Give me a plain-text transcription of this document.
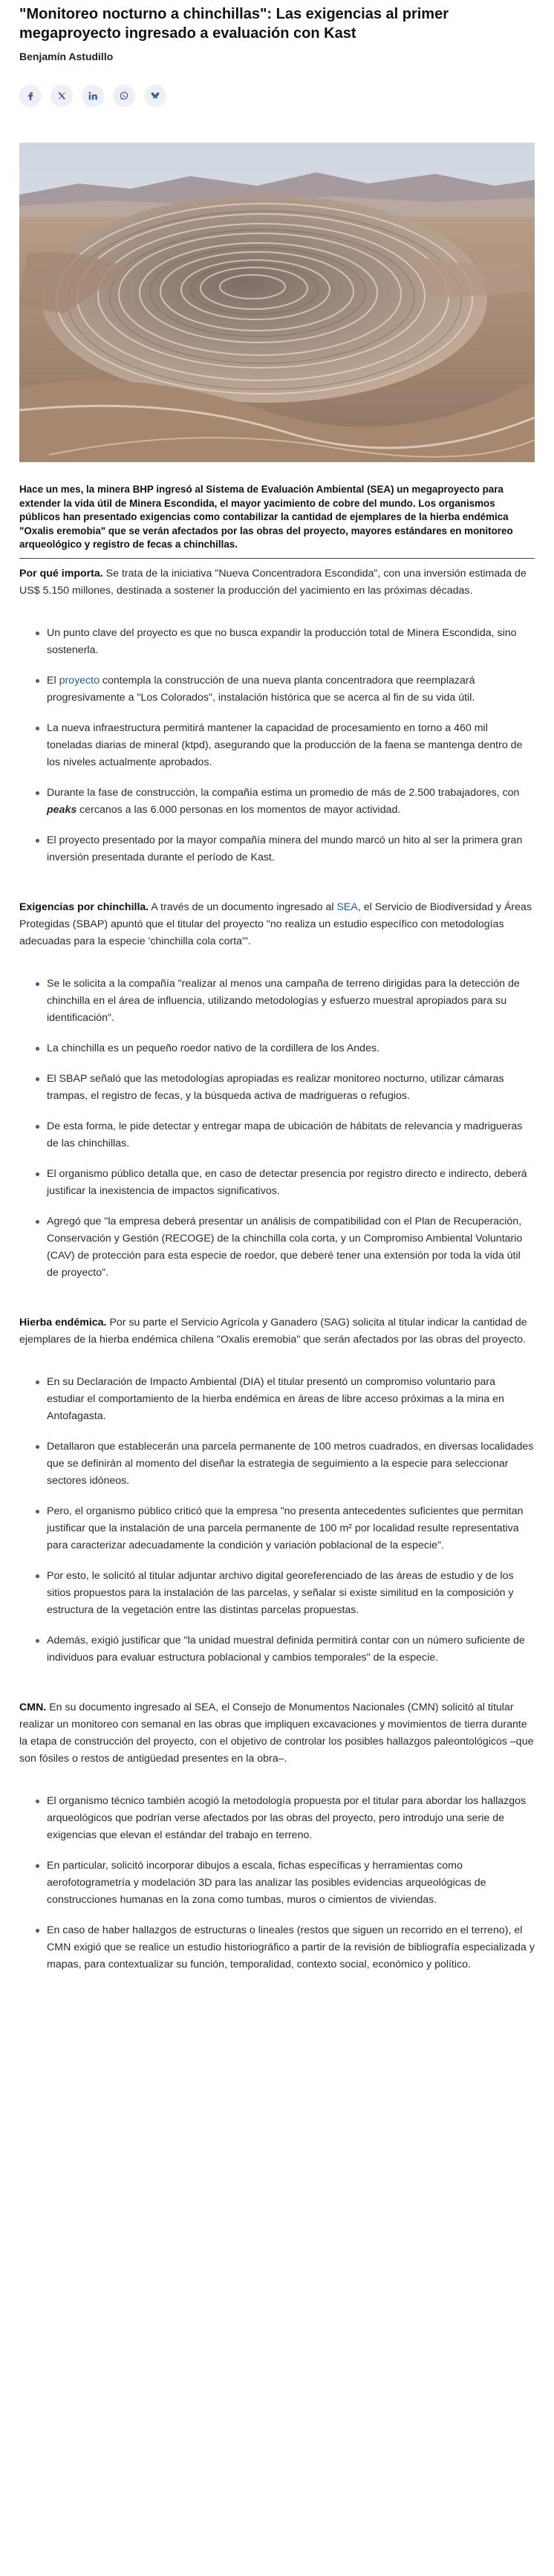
"Monitoreo nocturno a chinchillas": Las exigencias al primer megaproyecto ingresado a evaluación con Kast
Benjamín Astudillo

Hace un mes, la minera BHP ingresó al Sistema de Evaluación Ambiental (SEA) un megaproyecto para extender la vida útil de Minera Escondida, el mayor yacimiento de cobre del mundo. Los organismos públicos han presentado exigencias como contabilizar la cantidad de ejemplares de la hierba endémica "Oxalis eremobia" que se verán afectados por las obras del proyecto, mayores estándares en monitoreo arqueológico y registro de fecas a chinchillas.

Por qué importa. Se trata de la iniciativa "Nueva Concentradora Escondida", con una inversión estimada de US$ 5.150 millones, destinada a sostener la producción del yacimiento en las próximas décadas.

Un punto clave del proyecto es que no busca expandir la producción total de Minera Escondida, sino sostenerla.
El proyecto contempla la construcción de una nueva planta concentradora que reemplazará progresivamente a "Los Colorados", instalación histórica que se acerca al fin de su vida útil.
La nueva infraestructura permitirá mantener la capacidad de procesamiento en torno a 460 mil toneladas diarias de mineral (ktpd), asegurando que la producción de la faena se mantenga dentro de los niveles actualmente aprobados.
Durante la fase de construcción, la compañía estima un promedio de más de 2.500 trabajadores, con peaks cercanos a las 6.000 personas en los momentos de mayor actividad.
El proyecto presentado por la mayor compañía minera del mundo marcó un hito al ser la primera gran inversión presentada durante el período de Kast.

Exigencias por chinchilla. A través de un documento ingresado al SEA, el Servicio de Biodiversidad y Áreas Protegidas (SBAP) apuntó que el titular del proyecto "no realiza un estudio específico con metodologías adecuadas para la especie 'chinchilla cola corta'".

Se le solicita a la compañía "realizar al menos una campaña de terreno dirigidas para la detección de chinchilla en el área de influencia, utilizando metodologías y esfuerzo muestral apropiados para su identificación".
La chinchilla es un pequeño roedor nativo de la cordillera de los Andes.
El SBAP señaló que las metodologías apropiadas es realizar monitoreo nocturno, utilizar cámaras trampas, el registro de fecas, y la búsqueda activa de madrigueras o refugios.
De esta forma, le pide detectar y entregar mapa de ubicación de hábitats de relevancia y madrigueras de las chinchillas.
El organismo público detalla que, en caso de detectar presencia por registro directo e indirecto, deberá justificar la inexistencia de impactos significativos.
Agregó que "la empresa deberá presentar un análisis de compatibilidad con el Plan de Recuperación, Conservación y Gestión (RECOGE) de la chinchilla cola corta, y un Compromiso Ambiental Voluntario (CAV) de protección para esta especie de roedor, que deberé tener una extensión por toda la vida útil de proyecto".

Hierba endémica. Por su parte el Servicio Agrícola y Ganadero (SAG) solicita al titular indicar la cantidad de ejemplares de la hierba endémica chilena "Oxalis eremobia" que serán afectados por las obras del proyecto.

En su Declaración de Impacto Ambiental (DIA) el titular presentó un compromiso voluntario para estudiar el comportamiento de la hierba endémica en áreas de libre acceso próximas a la mina en Antofagasta.
Detallaron que establecerán una parcela permanente de 100 metros cuadrados, en diversas localidades que se definirán al momento del diseñar la estrategia de seguimiento a la especie para seleccionar sectores idóneos.
Pero, el organismo público criticó que la empresa "no presenta antecedentes suficientes que permitan justificar que la instalación de una parcela permanente de 100 m² por localidad resulte representativa para caracterizar adecuadamente la condición y variación poblacional de la especie".
Por esto, le solicitó al titular adjuntar archivo digital georeferenciado de las áreas de estudio y de los sitios propuestos para la instalación de las parcelas, y señalar si existe similitud en la composición y estructura de la vegetación entre las distintas parcelas propuestas.
Además, exigió justificar que "la unidad muestral definida permitirá contar con un número suficiente de individuos para evaluar estructura poblacional y cambios temporales" de la especie.

CMN. En su documento ingresado al SEA, el Consejo de Monumentos Nacionales (CMN) solicitó al titular realizar un monitoreo con semanal en las obras que impliquen excavaciones y movimientos de tierra durante la etapa de construcción del proyecto, con el objetivo de controlar los posibles hallazgos paleontológicos –que son fósiles o restos de antigüedad presentes en la obra–.

El organismo técnico también acogió la metodología propuesta por el titular para abordar los hallazgos arqueológicos que podrían verse afectados por las obras del proyecto, pero introdujo una serie de exigencias que elevan el estándar del trabajo en terreno.
En particular, solicitó incorporar dibujos a escala, fichas específicas y herramientas como aerofotogrametría y modelación 3D para las analizar las posibles evidencias arqueológicas de construcciones humanas en la zona como tumbas, muros o cimientos de viviendas.
En caso de haber hallazgos de estructuras o lineales (restos que siguen un recorrido en el terreno), el CMN exigió que se realice un estudio historiográfico a partir de la revisión de bibliografía especializada y mapas, para contextualizar su función, temporalidad, contexto social, económico y político.
